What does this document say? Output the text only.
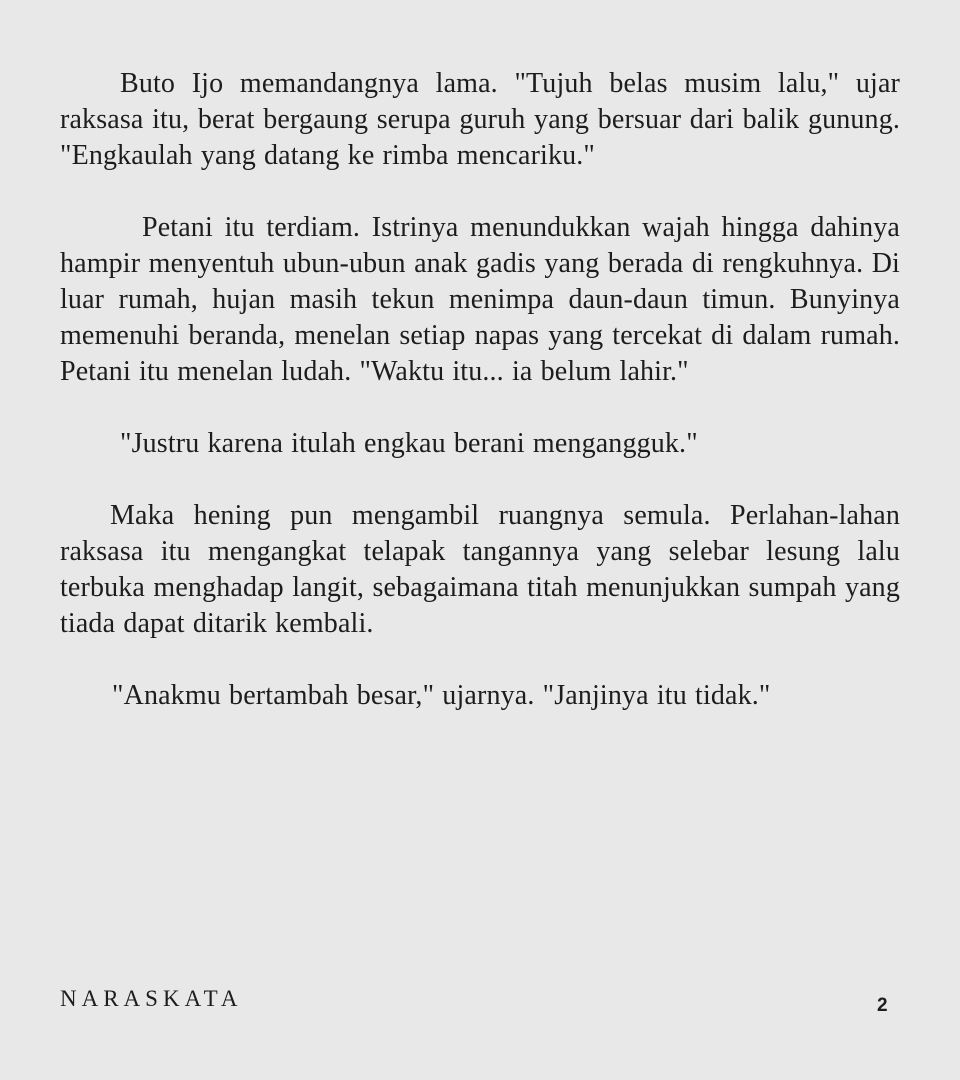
Buto Ijo memandangnya lama. "Tujuh belas musim lalu," ujar raksasa itu, berat bergaung serupa guruh yang bersuar dari balik gunung. "Engkaulah yang datang ke rimba mencariku."

Petani itu terdiam. Istrinya menundukkan wajah hingga dahinya hampir menyentuh ubun-ubun anak gadis yang berada di rengkuhnya. Di luar rumah, hujan masih tekun menimpa daun-daun timun. Bunyinya memenuhi beranda, menelan setiap napas yang tercekat di dalam rumah. Petani itu menelan ludah. "Waktu itu... ia belum lahir."

"Justru karena itulah engkau berani mengangguk."

Maka hening pun mengambil ruangnya semula. Perlahan-lahan raksasa itu mengangkat telapak tangannya yang selebar lesung lalu terbuka menghadap langit, sebagaimana titah menunjukkan sumpah yang tiada dapat ditarik kembali.

"Anakmu bertambah besar," ujarnya. "Janjinya itu tidak."

NARASKATA	2
